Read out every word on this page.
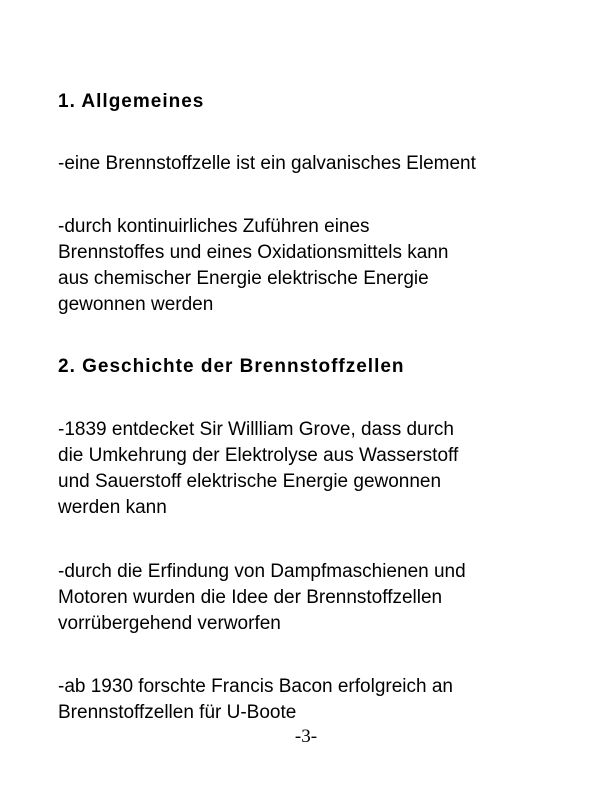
1. Allgemeines

-eine Brennstoffzelle ist ein galvanisches Element

-durch kontinuirliches Zuführen eines
Brennstoffes und eines Oxidationsmittels kann
aus chemischer Energie elektrische Energie
gewonnen werden

2. Geschichte der Brennstoffzellen

-1839 entdecket Sir Willliam Grove, dass durch
die Umkehrung der Elektrolyse aus Wasserstoff
und Sauerstoff elektrische Energie gewonnen
werden kann

-durch die Erfindung von Dampfmaschienen und
Motoren wurden die Idee der Brennstoffzellen
vorrübergehend verworfen

-ab 1930 forschte Francis Bacon erfolgreich an
Brennstoffzellen für U-Boote

-3-
